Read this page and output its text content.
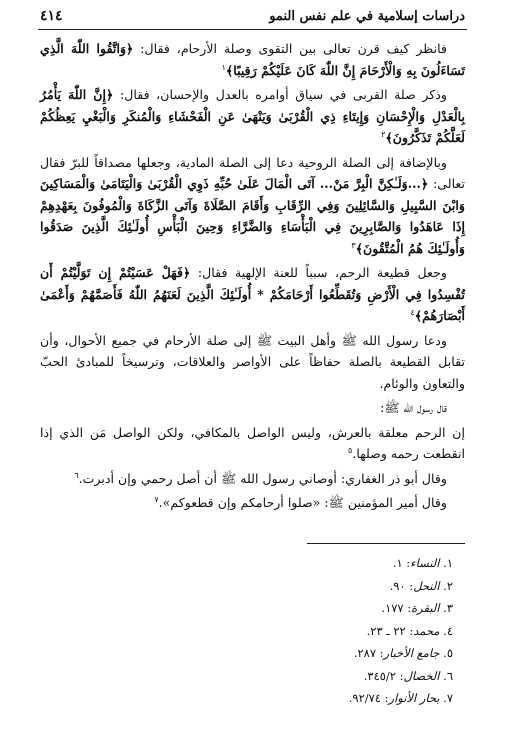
دراسات إسلامية في علم نفس النمو
٤١٤

فانظر كيف قرن تعالى بين التقوى وصلة الأرحام، فقال: ﴿وَاتَّقُوا اللّٰهَ الَّذِي تَسَاءَلُونَ بِهِ وَالْأَرْحَامَ إِنَّ اللّٰهَ كَانَ عَلَيْكُمْ رَقِيبًا﴾$^١$

وذكر صلة القربى في سياق أوامره بالعدل والإحسان، فقال: ﴿إِنَّ اللّٰهَ يَأْمُرُ بِالْعَدْلِ وَالْإِحْسَانِ وَإِيتَاءِ ذِي الْقُرْبَىٰ وَيَنْهَىٰ عَنِ الْفَحْشَاءِ وَالْمُنكَرِ وَالْبَغْيِ يَعِظُكُمْ لَعَلَّكُمْ تَذَكَّرُونَ﴾$^٢$

وبالإضافة إلى الصلة الروحية دعا إلى الصلة المادية، وجعلها مصداقاً للبرّ فقال تعالى: ﴿...وَلَـٰكِنَّ الْبِرَّ مَنْ... آتَى الْمَالَ عَلَىٰ حُبِّهِ ذَوِي الْقُرْبَىٰ وَالْيَتَامَىٰ وَالْمَسَاكِينَ وَابْنَ السَّبِيلِ وَالسَّائِلِينَ وَفِي الرِّقَابِ وَأَقَامَ الصَّلَاةَ وَآتَى الزَّكَاةَ وَالْمُوفُونَ بِعَهْدِهِمْ إِذَا عَاهَدُوا وَالصَّابِرِينَ فِي الْبَأْسَاءِ وَالضَّرَّاءِ وَحِينَ الْبَأْسِ أُولَـٰئِكَ الَّذِينَ صَدَقُوا وَأُولَـٰئِكَ هُمُ الْمُتَّقُونَ﴾$^٣$

وجعل قطيعة الرحم، سبباً للعنة الإلهية فقال: ﴿فَهَلْ عَسَيْتُمْ إِن تَوَلَّيْتُمْ أَن تُفْسِدُوا فِي الْأَرْضِ وَتُقَطِّعُوا أَرْحَامَكُمْ * أُولَـٰئِكَ الَّذِينَ لَعَنَهُمُ اللّٰهُ فَأَصَمَّهُمْ وَأَعْمَىٰ أَبْصَارَهُمْ﴾$^٤$

ودعا رسول الله ﷺ وأهل البيت ﷺ إلى صلة الأرحام في جميع الأحوال، وأن تقابل القطيعة بالصلة حفاظاً على الأواصر والعلاقات، وترسيخاً للمبادئ الحبّ والتعاون والوئام.

قال رسول الله ﷺ:

إن الرحم معلقة بالعرش، وليس الواصل بالمكافي، ولكن الواصل مَن الذي إذا انقطعت رحمه وصلها.$^٥$

وقال أبو ذر الغفاري: أوصاني رسول الله ﷺ أن أصل رحمي وإن أدبرت.$^٦$

وقال أمير المؤمنين ﷺ: «صلوا أرحامكم وإن قطعوكم».$^٧$

١. النساء: ١.
٢. النحل: ٩٠.
٣. البقرة: ١٧٧.
٤. محمد: ٢٢ ـ ٢٣.
٥. جامع الأخبار: ٢٨٧.
٦. الخصال: ٣٤٥/٢.
٧. بحار الأنوار: ٩٢/٧٤.
